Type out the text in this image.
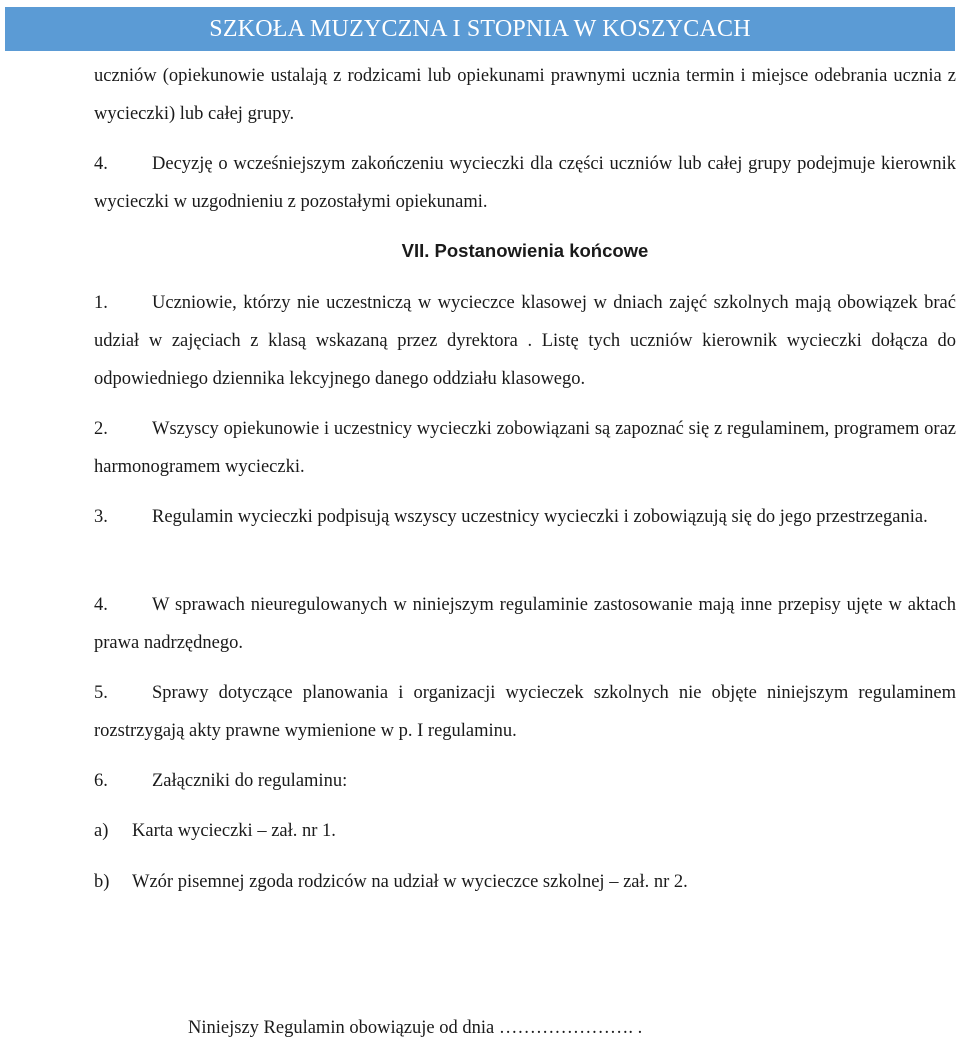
SZKOŁA MUZYCZNA I STOPNIA W KOSZYCACH

uczniów (opiekunowie ustalają z rodzicami lub opiekunami prawnymi ucznia termin i miejsce odebrania ucznia z wycieczki) lub całej grupy.

4. Decyzję o wcześniejszym zakończeniu wycieczki dla części uczniów lub całej grupy podejmuje kierownik wycieczki w uzgodnieniu z pozostałymi opiekunami.

VII. Postanowienia końcowe

1. Uczniowie, którzy nie uczestniczą w wycieczce klasowej w dniach zajęć szkolnych mają obowiązek brać udział w zajęciach z klasą wskazaną przez dyrektora . Listę tych uczniów kierownik wycieczki dołącza do odpowiedniego dziennika lekcyjnego danego oddziału klasowego.

2. Wszyscy opiekunowie i uczestnicy wycieczki zobowiązani są zapoznać się z regulaminem, programem oraz harmonogramem wycieczki.

3. Regulamin wycieczki podpisują wszyscy uczestnicy wycieczki i zobowiązują się do jego przestrzegania.

4. W sprawach nieuregulowanych w niniejszym regulaminie zastosowanie mają inne przepisy ujęte w aktach prawa nadrzędnego.

5. Sprawy dotyczące planowania i organizacji wycieczek szkolnych nie objęte niniejszym regulaminem rozstrzygają akty prawne wymienione w p. I regulaminu.

6. Załączniki do regulaminu:

a) Karta wycieczki – zał. nr 1.

b) Wzór pisemnej zgoda rodziców na udział w wycieczce szkolnej – zał. nr 2.

Niniejszy Regulamin obowiązuje od dnia …………………. .
